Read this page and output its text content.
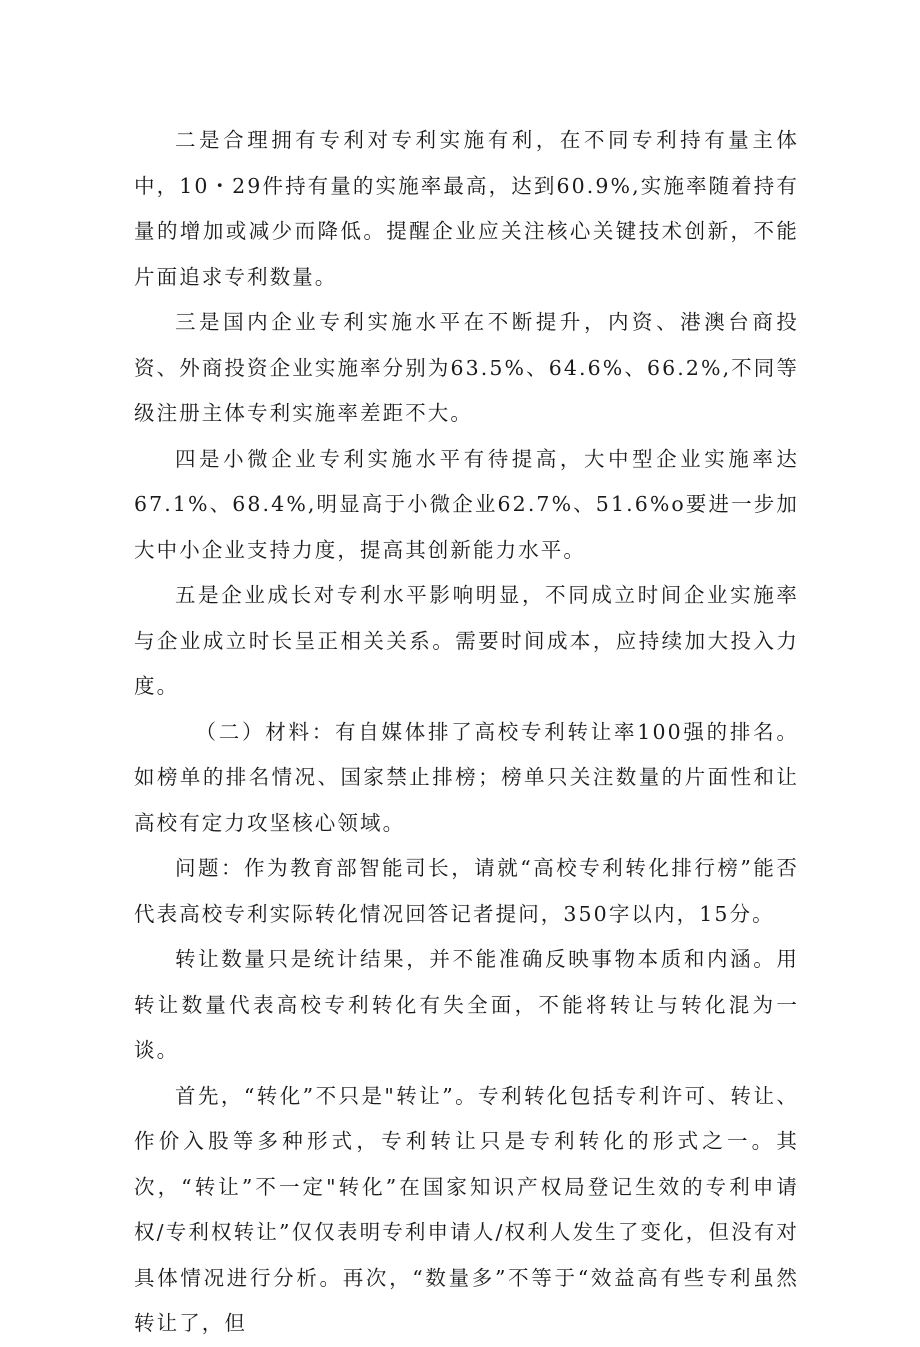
二是合理拥有专利对专利实施有利，在不同专利持有量主体中，10・29件持有量的实施率最高，达到60.9%,实施率随着持有量的增加或减少而降低。提醒企业应关注核心关键技术创新，不能片面追求专利数量。

三是国内企业专利实施水平在不断提升，内资、港澳台商投资、外商投资企业实施率分别为63.5%、64.6%、66.2%,不同等级注册主体专利实施率差距不大。

四是小微企业专利实施水平有待提高，大中型企业实施率达67.1%、68.4%,明显高于小微企业62.7%、51.6%o要进一步加大中小企业支持力度，提高其创新能力水平。

五是企业成长对专利水平影响明显，不同成立时间企业实施率与企业成立时长呈正相关关系。需要时间成本，应持续加大投入力度。

（二）材料：有自媒体排了高校专利转让率100强的排名。如榜单的排名情况、国家禁止排榜；榜单只关注数量的片面性和让高校有定力攻坚核心领域。

问题：作为教育部智能司长，请就“高校专利转化排行榜”能否代表高校专利实际转化情况回答记者提问，350字以内，15分。

转让数量只是统计结果，并不能准确反映事物本质和内涵。用转让数量代表高校专利转化有失全面，不能将转让与转化混为一谈。

首先，“转化”不只是"转让”。专利转化包括专利许可、转让、作价入股等多种形式，专利转让只是专利转化的形式之一。其次，“转让”不一定"转化”在国家知识产权局登记生效的专利申请权/专利权转让”仅仅表明专利申请人/权利人发生了变化，但没有对具体情况进行分析。再次，“数量多”不等于“效益高有些专利虽然转让了，但
